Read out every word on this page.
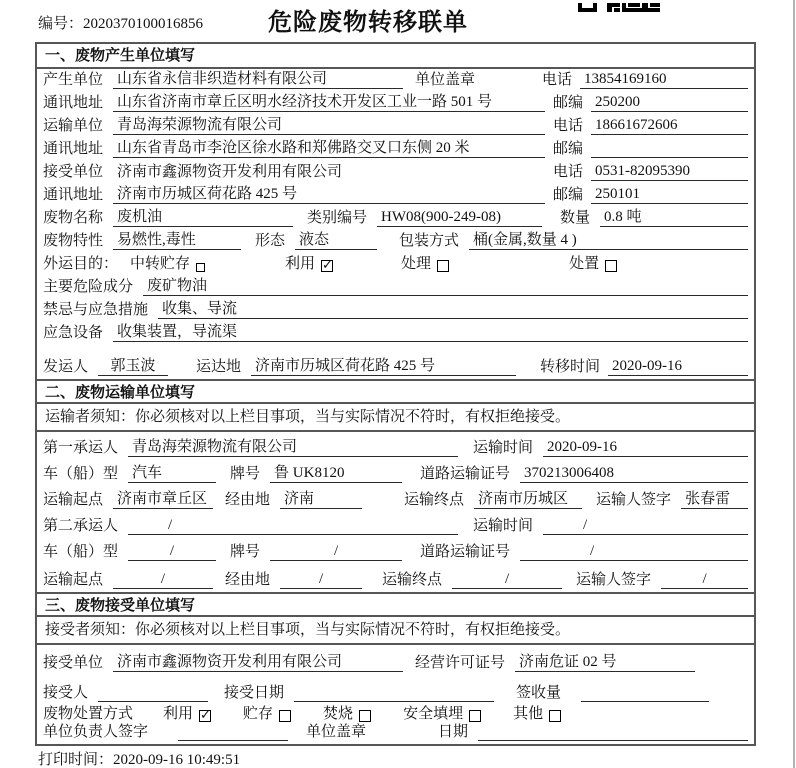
编号：2020370100016856	危险废物转移联单
一、废物产生单位填写
产生单位 山东省永信非织造材料有限公司	单位盖章	电话 13854169160
通讯地址 山东省济南市章丘区明水经济技术开发区工业一路 501 号	邮编 250200
运输单位 青岛海荣源物流有限公司	电话 18661672606
通讯地址 山东省青岛市李沧区徐水路和郑佛路交叉口东侧 20 米	邮编
接受单位 济南市鑫源物资开发利用有限公司	电话 0531-82095390
通讯地址 济南市历城区荷花路 425 号	邮编 250101
废物名称 废机油	类别编号 HW08(900-249-08)	数量 0.8 吨
废物特性 易燃性,毒性	形态 液态	包装方式 桶(金属,数量 4 )
外运目的： 中转贮存	利用 ✓	处理	处置
主要危险成分 废矿物油
禁忌与应急措施 收集、导流
应急设备 收集装置，导流渠
发运人	郭玉波	运达地 济南市历城区荷花路 425 号	转移时间 2020-09-16
二、废物运输单位填写
运输者须知：你必须核对以上栏目事项，当与实际情况不符时，有权拒绝接受。
第一承运人 青岛海荣源物流有限公司	运输时间 2020-09-16
车（船）型 汽车	牌号 鲁 UK8120	道路运输证号 370213006408
运输起点 济南市章丘区	经由地 济南	运输终点 济南市历城区	运输人签字 张春雷
第二承运人	/	运输时间	/
车（船）型	/	牌号	/	道路运输证号	/
运输起点	/	经由地	/	运输终点	/	运输人签字	/
三、废物接受单位填写
接受者须知：你必须核对以上栏目事项，当与实际情况不符时，有权拒绝接受。
接受单位 济南市鑫源物资开发利用有限公司	经营许可证号 济南危证 02 号
接受人	接受日期	签收量
废物处置方式 利用 ✓	贮存	焚烧	安全填埋	其他
单位负责人签字	单位盖章	日期
打印时间：2020-09-16 10:49:51
